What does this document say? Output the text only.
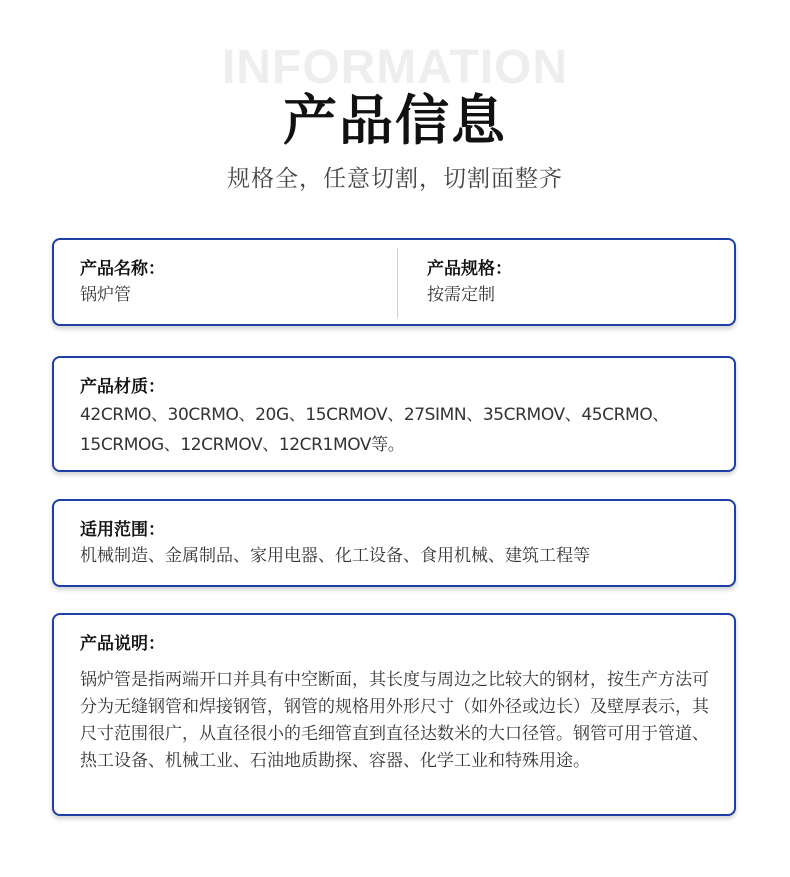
INFORMATION
产品信息
规格全，任意切割，切割面整齐
产品名称：
锅炉管
产品规格：
按需定制
产品材质：
42CRMO、30CRMO、20G、15CRMOV、27SIMN、35CRMOV、45CRMO、
15CRMOG、12CRMOV、12CR1MOV等。
适用范围：
机械制造、金属制品、家用电器、化工设备、食用机械、建筑工程等
产品说明：
锅炉管是指两端开口并具有中空断面，其长度与周边之比较大的钢材，按生产方法可分为无缝钢管和焊接钢管，钢管的规格用外形尺寸（如外径或边长）及壁厚表示，其尺寸范围很广，从直径很小的毛细管直到直径达数米的大口径管。钢管可用于管道、热工设备、机械工业、石油地质勘探、容器、化学工业和特殊用途。
